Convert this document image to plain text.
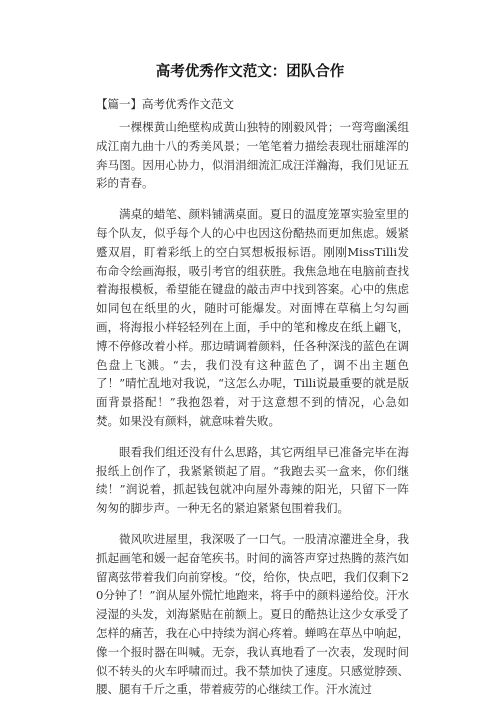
高考优秀作文范文：团队合作
【篇一】高考优秀作文范文

一棵棵黄山绝壁构成黄山独特的刚毅风骨；一弯弯幽溪组成江南九曲十八的秀美风景；一笔笔着力描绘表现壮丽雄浑的奔马图。因用心协力，似涓涓细流汇成汪洋瀚海，我们见证五彩的青春。

满桌的蜡笔、颜料铺满桌面。夏日的温度笼罩实验室里的每个队友，似乎每个人的心中也因这份酷热而更加焦虑。媛紧蹙双眉，盯着彩纸上的空白冥想板报标语。刚刚MissTilli发布命令绘画海报，吸引考官的组获胜。我焦急地在电脑前查找着海报模板，希望能在键盘的敲击声中找到答案。心中的焦虑如同包在纸里的火，随时可能爆发。对面博在草稿上匀勾画画，将海报小样轻轻列在上面，手中的笔和橡皮在纸上翩飞，博不停修改着小样。那边晴调着颜料，任各种深浅的蓝色在调色盘上飞溅。“去，我们没有这种蓝色了，调不出主题色了！”晴忙乱地对我说，“这怎么办呢，Tilli说最重要的就是版面背景搭配！”我抱怨着，对于这意想不到的情况，心急如焚。如果没有颜料，就意味着失败。

眼看我们组还没有什么思路，其它两组早已准备完毕在海报纸上创作了，我紧紧锁起了眉。“我跑去买一盒来，你们继续！”润说着，抓起钱包就冲向屋外毒辣的阳光，只留下一阵匆匆的脚步声。一种无名的紧迫紧紧包围着我们。

微风吹进屋里，我深吸了一口气。一股清凉灌进全身，我抓起画笔和媛一起奋笔疾书。时间的滴答声穿过热腾的蒸汽如留离弦带着我们向前穿梭。“佼，给你，快点吧，我们仅剩下20分钟了！”润从屋外慌忙地跑来，将手中的颜料递给佼。汗水浸湿的头发，刘海紧贴在前额上。夏日的酷热让这少女承受了怎样的痛苦，我在心中持续为润心疼着。蝉鸣在草丛中响起，像一个报时器在叫喊。无奈，我认真地看了一次表，发现时间似不转头的火车呼啸而过。我不禁加快了速度。只感觉脖颈、腰、腿有千斤之重，带着疲劳的心继续工作。汗水流过
